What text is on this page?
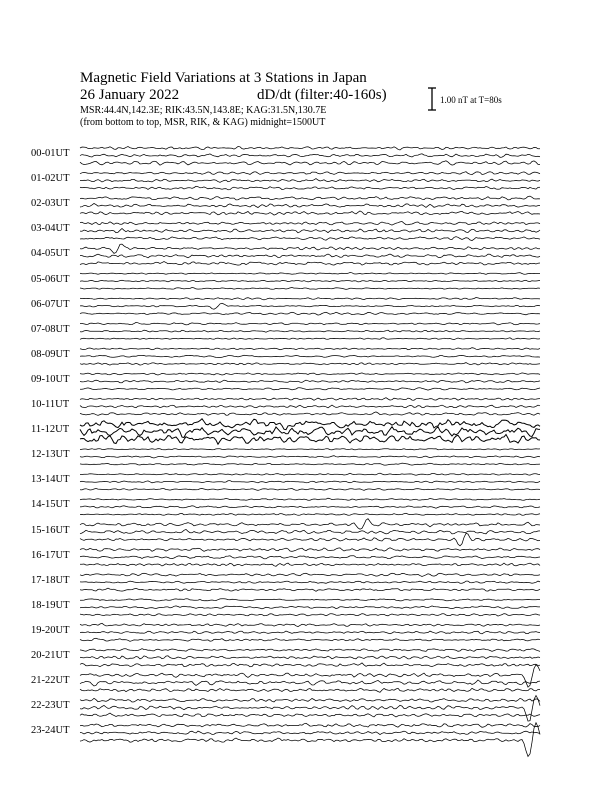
Magnetic Field Variations at 3 Stations in Japan
26 January 2022	dD/dt (filter:40-160s)
MSR:44.4N,142.3E; RIK:43.5N,143.8E; KAG:31.5N,130.7E
(from bottom to top, MSR, RIK, & KAG) midnight=1500UT
1.00 nT at T=80s
00-01UT
01-02UT
02-03UT
03-04UT
04-05UT
05-06UT
06-07UT
07-08UT
08-09UT
09-10UT
10-11UT
11-12UT
12-13UT
13-14UT
14-15UT
15-16UT
16-17UT
17-18UT
18-19UT
19-20UT
20-21UT
21-22UT
22-23UT
23-24UT
